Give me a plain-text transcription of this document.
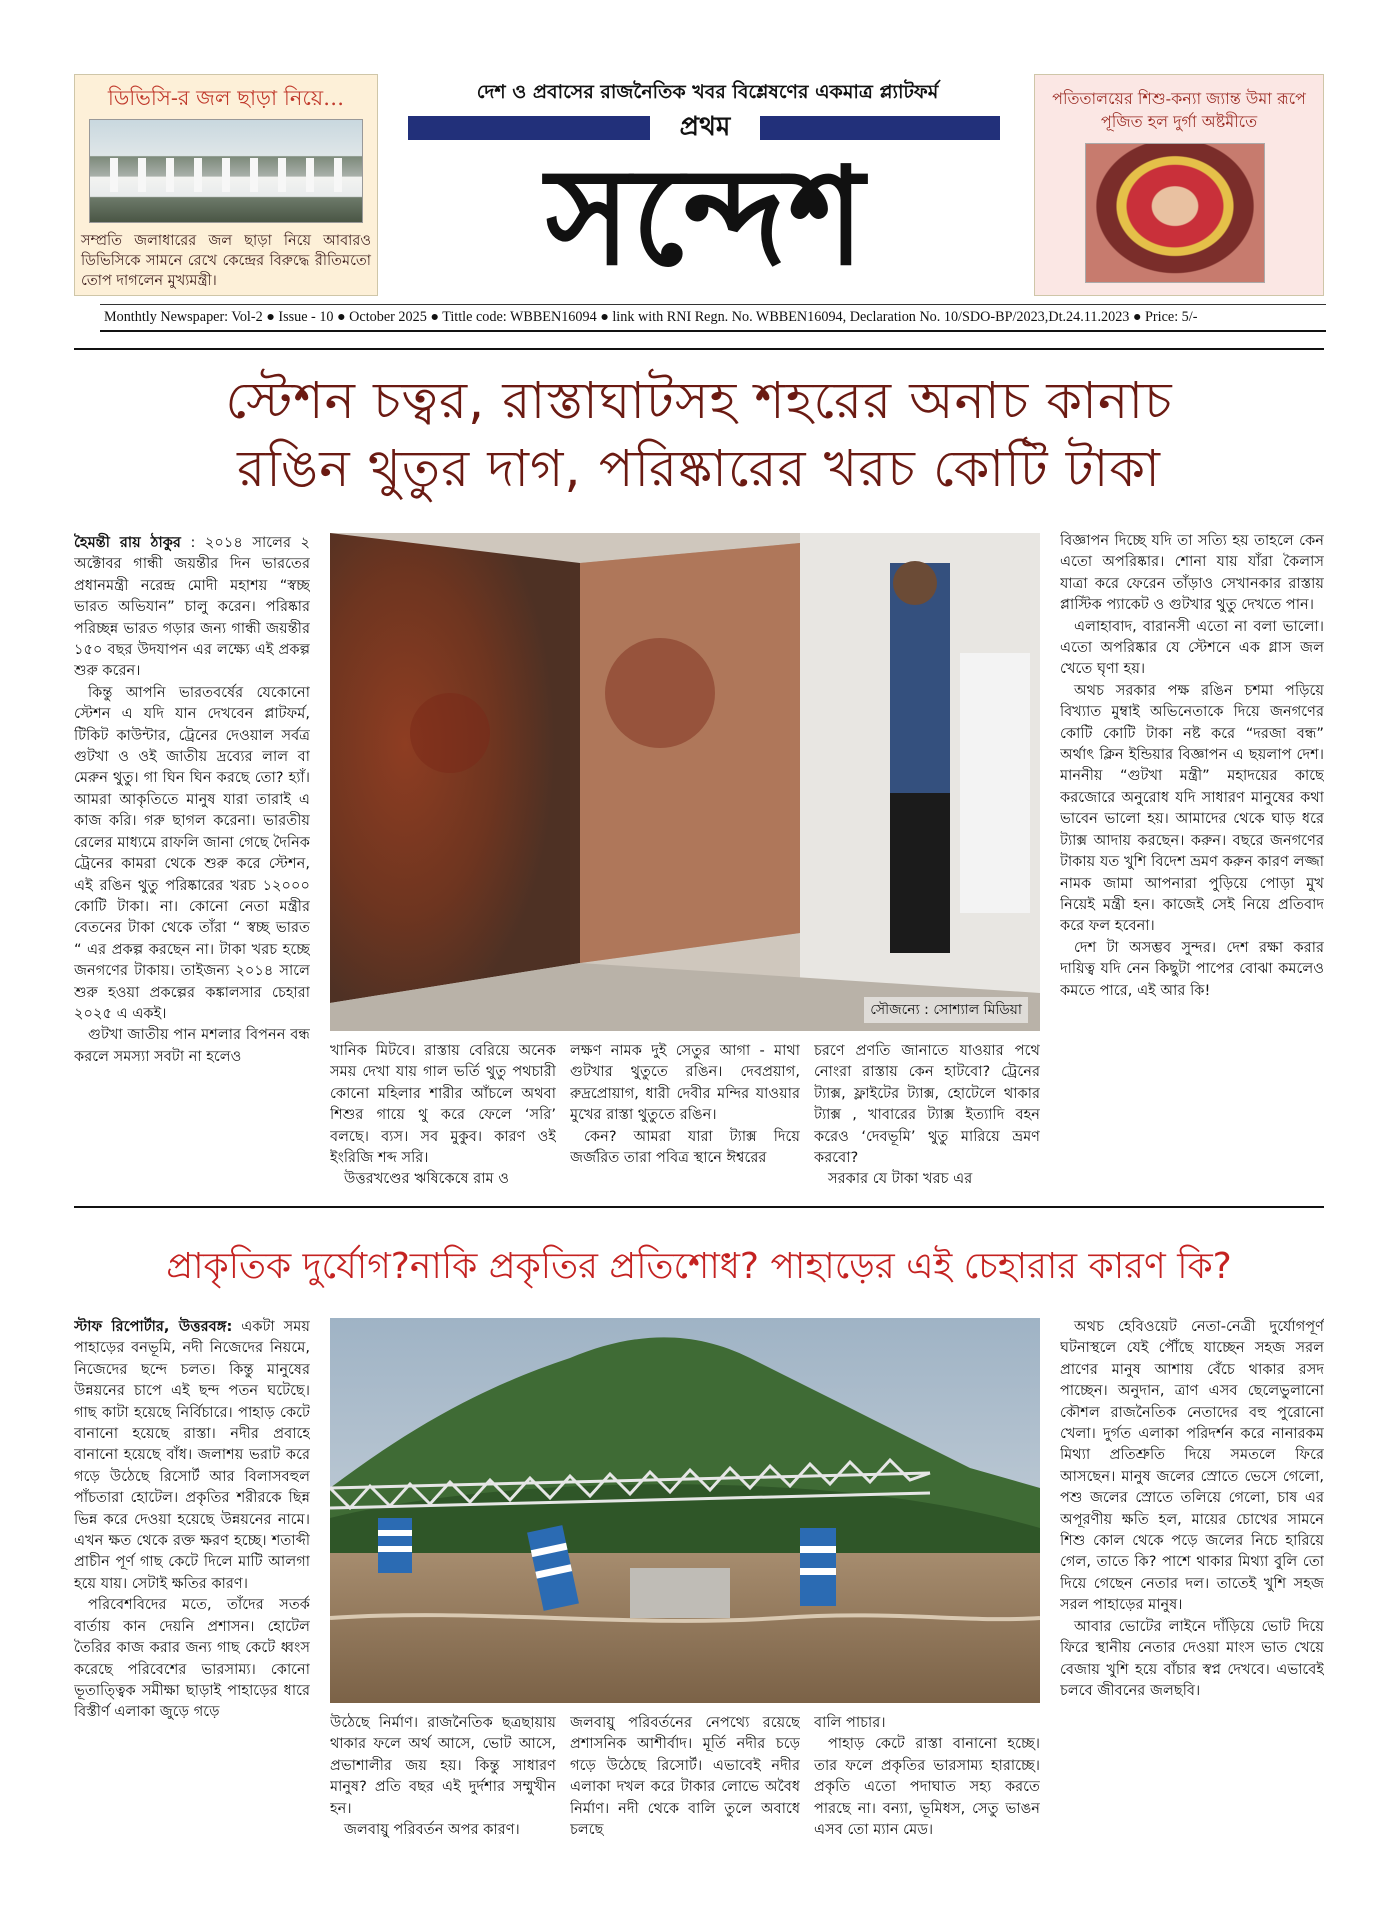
ডিভিসি-র জল ছাড়া নিয়ে…
সম্প্রতি জলাধারের জল ছাড়া নিয়ে আবারও ডিভিসিকে সামনে রেখে কেন্দ্রের বিরুদ্ধে রীতিমতো তোপ দাগলেন মুখ্যমন্ত্রী।
দেশ ও প্রবাসের রাজনৈতিক খবর বিশ্লেষণের একমাত্র প্ল্যাটফর্ম
প্রথম
সন্দেশ
পতিতালয়ের শিশু-কন্যা জ্যান্ত উমা রূপে পূজিত হল দুর্গা অষ্টমীতে
Monthtly Newspaper: Vol-2 ● Issue - 10 ● October 2025 ● Tittle code: WBBEN16094 ● link with RNI Regn. No. WBBEN16094, Declaration No. 10/SDO-BP/2023,Dt.24.11.2023 ● Price: 5/-
স্টেশন চত্বর, রাস্তাঘাটসহ শহরের অনাচ কানাচ
রঙিন থুতুর দাগ, পরিষ্কারের খরচ কোটি টাকা

হৈমন্তী রায় ঠাকুর : ২০১৪ সালের ২ অক্টোবর গান্ধী জয়ন্তীর দিন ভারতের প্রধানমন্ত্রী নরেন্দ্র মোদী মহাশয় “স্বচ্ছ ভারত অভিযান” চালু করেন। পরিষ্কার পরিচ্ছন্ন ভারত গড়ার জন্য গান্ধী জয়ন্তীর ১৫০ বছর উদযাপন এর লক্ষ্যে এই প্রকল্প শুরু করেন।

কিন্তু আপনি ভারতবর্ষের যেকোনো স্টেশন এ যদি যান দেখবেন প্লাটফর্ম, টিকিট কাউন্টার, ট্রেনের দেওয়াল সর্বত্র গুটখা ও ওই জাতীয় দ্রব্যের লাল বা মেরুন থুতু। গা ঘিন ঘিন করছে তো? হ্যাঁ। আমরা আকৃতিতে মানুষ যারা তারাই এ কাজ করি। গরু ছাগল করেনা। ভারতীয় রেলের মাধ্যমে রাফলি জানা গেছে দৈনিক ট্রেনের কামরা থেকে শুরু করে স্টেশন, এই রঙিন থুতু পরিষ্কারের খরচ ১২০০০ কোটি টাকা। না। কোনো নেতা মন্ত্রীর বেতনের টাকা থেকে তাঁরা “ স্বচ্ছ ভারত “ এর প্রকল্প করছেন না। টাকা খরচ হচ্ছে জনগণের টাকায়। তাইজন্য ২০১৪ সালে শুরু হওয়া প্রকল্পের কঙ্কালসার চেহারা ২০২৫ এ একই।

গুটখা জাতীয় পান মশলার বিপনন বন্ধ করলে সমস্যা সবটা না হলেও

সৌজন্যে : সোশ্যাল মিডিয়া

খানিক মিটবে। রাস্তায় বেরিয়ে অনেক সময় দেখা যায় গাল ভর্তি থুতু পথচারী কোনো মহিলার শারীর আঁচলে অথবা শিশুর গায়ে থু করে ফেলে ‘সরি’ বলছে। ব্যস। সব মুকুব। কারণ ওই ইংরিজি শব্দ সরি।

উত্তরখণ্ডের ঋষিকেষে রাম ও

লক্ষণ নামক দুই সেতুর আগা - মাথা গুটখার থুতুতে রঙিন। দেবপ্রয়াগ, রুদ্রপ্রোয়াগ, ধারী দেবীর মন্দির যাওয়ার মুখের রাস্তা থুতুতে রঙিন।

কেন? আমরা যারা ট্যাক্স দিয়ে জর্জরিত তারা পবিত্র স্থানে ঈশ্বরের

চরণে প্রণতি জানাতে যাওয়ার পথে নোংরা রাস্তায় কেন হাটবো? ট্রেনের ট্যাক্স, ফ্লাইটের ট্যাক্স, হোটেলে থাকার ট্যাক্স , খাবারের ট্যাক্স ইত্যাদি বহন করেও ‘দেবভূমি’ থুতু মারিয়ে ভ্রমণ করবো?

সরকার যে টাকা খরচ এর

বিজ্ঞাপন দিচ্ছে যদি তা সত্যি হয় তাহলে কেন এতো অপরিষ্কার। শোনা যায় যাঁরা কৈলাস যাত্রা করে ফেরেন তাঁড়াও সেখানকার রাস্তায় প্লাস্টিক প্যাকেট ও গুটখার থুতু দেখতে পান।

এলাহাবাদ, বারানসী এতো না বলা ভালো। এতো অপরিষ্কার যে স্টেশনে এক গ্লাস জল খেতে ঘৃণা হয়।

অথচ সরকার পক্ষ রঙিন চশমা পড়িয়ে বিখ্যাত মুম্বাই অভিনেতাকে দিয়ে জনগণের কোটি কোটি টাকা নষ্ট করে “দরজা বন্ধ” অর্থাৎ ক্লিন ইন্ডিয়ার বিজ্ঞাপন এ ছয়লাপ দেশ। মাননীয় “গুটখা মন্ত্রী” মহাদয়ের কাছে করজোরে অনুরোধ যদি সাধারণ মানুষের কথা ভাবেন ভালো হয়। আমাদের থেকে ঘাড় ধরে ট্যাক্স আদায় করছেন। করুন। বছরে জনগণের টাকায় যত খুশি বিদেশ ভ্রমণ করুন কারণ লজ্জা নামক জামা আপনারা পুড়িয়ে পোড়া মুখ নিয়েই মন্ত্রী হন। কাজেই সেই নিয়ে প্রতিবাদ করে ফল হবেনা।

দেশ টা অসম্ভব সুন্দর। দেশ রক্ষা করার দায়িত্ব যদি নেন কিছুটা পাপের বোঝা কমলেও কমতে পারে, এই আর কি!

প্রাকৃতিক দুর্যোগ?নাকি প্রকৃতির প্রতিশোধ? পাহাড়ের এই চেহারার কারণ কি?

স্টাফ রিপোর্টার, উত্তরবঙ্গ: একটা সময় পাহাড়ের বনভূমি, নদী নিজেদের নিয়মে, নিজেদের ছন্দে চলত। কিন্তু মানুষের উন্নয়নের চাপে এই ছন্দ পতন ঘটেছে। গাছ কাটা হয়েছে নির্বিচারে। পাহাড় কেটে বানানো হয়েছে রাস্তা। নদীর প্রবাহে বানানো হয়েছে বাঁধ। জলাশয় ভরাট করে গড়ে উঠেছে রিসোর্ট আর বিলাসবহুল পাঁচতারা হোটেল। প্রকৃতির শরীরকে ছিন্ন ভিন্ন করে দেওয়া হয়েছে উন্নয়নের নামে। এখন ক্ষত থেকে রক্ত ক্ষরণ হচ্ছে। শতাব্দী প্রাচীন পূর্ণ গাছ কেটে দিলে মাটি আলগা হয়ে যায়। সেটাই ক্ষতির কারণ।

পরিবেশবিদের মতে, তাঁদের সতর্ক বার্তায় কান দেয়নি প্রশাসন। হোটেল তৈরির কাজ করার জন্য গাছ কেটে ধ্বংস করেছে পরিবেশের ভারসাম্য। কোনো ভূতাত্ত্বিক সমীক্ষা ছাড়াই পাহাড়ের ধারে বিস্তীর্ণ এলাকা জুড়ে গড়ে

উঠেছে নির্মাণ। রাজনৈতিক ছত্রছায়ায় থাকার ফলে অর্থ আসে, ভোট আসে, প্রভাশালীর জয় হয়। কিন্তু সাধারণ মানুষ? প্রতি বছর এই দুর্দশার সম্মুখীন হন।

জলবায়ু পরিবর্তন অপর কারণ।

জলবায়ু পরিবর্তনের নেপথ্যে রয়েছে প্রশাসনিক আশীর্বাদ। মূর্তি নদীর চড়ে গড়ে উঠেছে রিসোর্ট। এভাবেই নদীর এলাকা দখল করে টাকার লোভে অবৈধ নির্মাণ। নদী থেকে বালি তুলে অবাধে চলছে

বালি পাচার।

পাহাড় কেটে রাস্তা বানানো হচ্ছে। তার ফলে প্রকৃতির ভারসাম্য হারাচ্ছে। প্রকৃতি এতো পদাঘাত সহ্য করতে পারছে না। বন্যা, ভূমিধস, সেতু ভাঙন এসব তো ম্যান মেড।

অথচ হেবিওয়েট নেতা-নেত্রী দুর্যোগপূর্ণ ঘটনাস্থলে যেই পৌঁছে যাচ্ছেন সহজ সরল প্রাণের মানুষ আশায় বেঁচে থাকার রসদ পাচ্ছেন। অনুদান, ত্রাণ এসব ছেলেভুলানো কৌশল রাজনৈতিক নেতাদের বহু পুরোনো খেলা। দুর্গত এলাকা পরিদর্শন করে নানারকম মিথ্যা প্রতিশ্রুতি দিয়ে সমতলে ফিরে আসছেন। মানুষ জলের স্রোতে ভেসে গেলো, পশু জলের স্রোতে তলিয়ে গেলো, চাষ এর অপূরণীয় ক্ষতি হল, মায়ের চোখের সামনে শিশু কোল থেকে পড়ে জলের নিচে হারিয়ে গেল, তাতে কি? পাশে থাকার মিথ্যা বুলি তো দিয়ে গেছেন নেতার দল। তাতেই খুশি সহজ সরল পাহাড়ের মানুষ।

আবার ভোটের লাইনে দাঁড়িয়ে ভোট দিয়ে ফিরে স্থানীয় নেতার দেওয়া মাংস ভাত খেয়ে বেজায় খুশি হয়ে বাঁচার স্বপ্ন দেখবে। এভাবেই চলবে জীবনের জলছবি।
